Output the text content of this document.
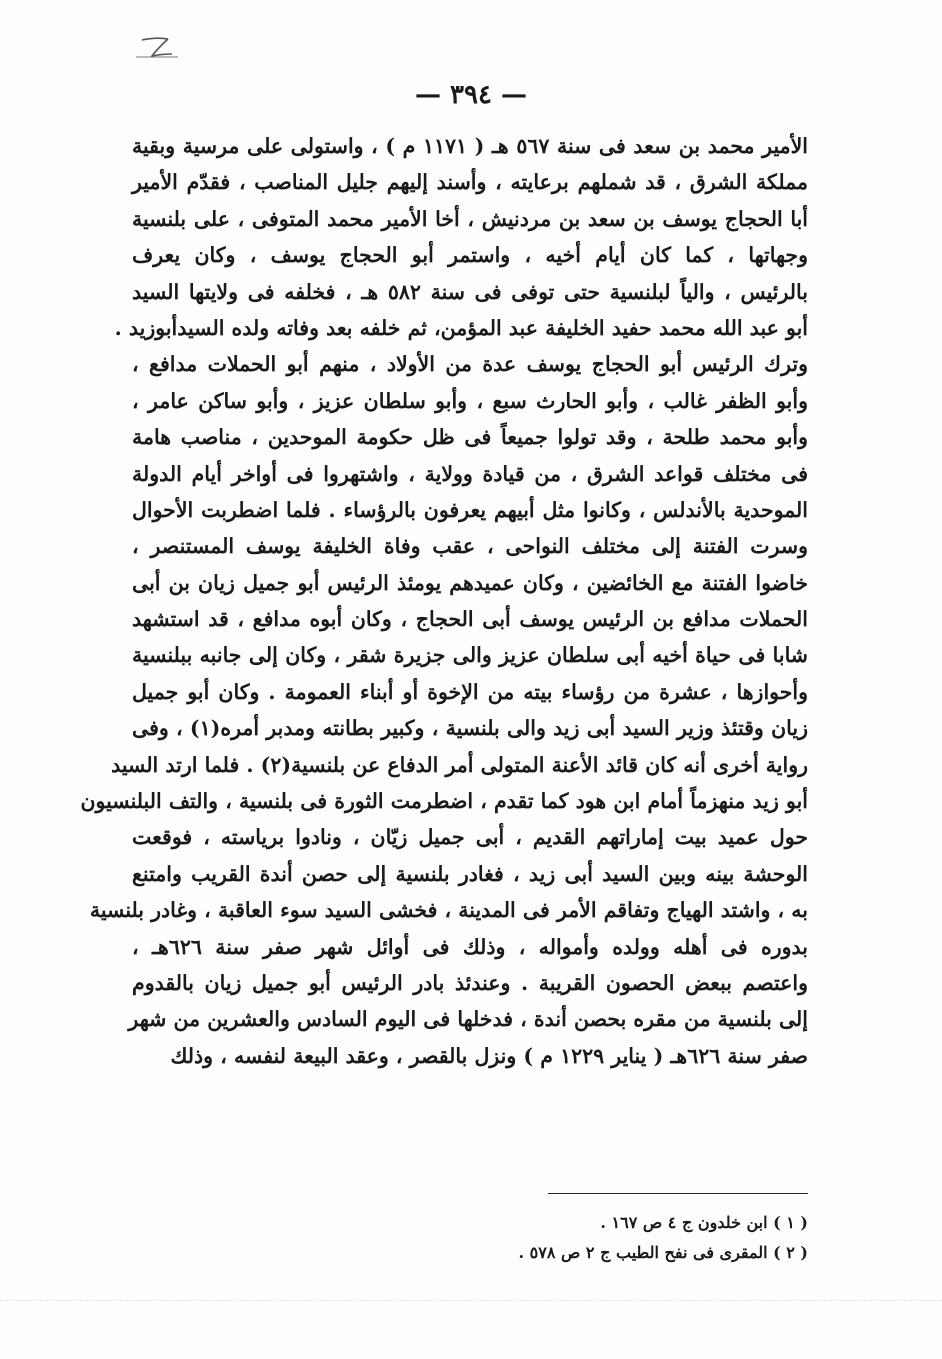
— ٣٩٤ —
الأمير محمد بن سعد فى سنة ٥٦٧ هـ ( ١١٧١ م ) ، واستولى على مرسية وبقية
مملكة الشرق ، قد شملهم برعايته ، وأسند إليهم جليل المناصب ، فقدّم الأمير
أبا الحجاج يوسف بن سعد بن مردنيش ، أخا الأمير محمد المتوفى ، على بلنسية
وجهاتها ، كما كان أيام أخيه ، واستمر أبو الحجاج يوسف ، وكان يعرف
بالرئيس ، والياً لبلنسية حتى توفى فى سنة ٥٨٢ هـ ، فخلفه فى ولايتها السيد
أبو عبد الله محمد حفيد الخليفة عبد المؤمن، ثم خلفه بعد وفاته ولده السيدأبوزيد .
وترك الرئيس أبو الحجاج يوسف عدة من الأولاد ، منهم أبو الحملات مدافع ،
وأبو الظفر غالب ، وأبو الحارث سبع ، وأبو سلطان عزيز ، وأبو ساكن عامر ،
وأبو محمد طلحة ، وقد تولوا جميعاً فى ظل حكومة الموحدين ، مناصب هامة
فى مختلف قواعد الشرق ، من قيادة وولاية ، واشتهروا فى أواخر أيام الدولة
الموحدية بالأندلس ، وكانوا مثل أبيهم يعرفون بالرؤساء . فلما اضطربت الأحوال
وسرت الفتنة إلى مختلف النواحى ، عقب وفاة الخليفة يوسف المستنصر ،
خاضوا الفتنة مع الخائضين ، وكان عميدهم يومئذ الرئيس أبو جميل زيان بن أبى
الحملات مدافع بن الرئيس يوسف أبى الحجاج ، وكان أبوه مدافع ، قد استشهد
شابا فى حياة أخيه أبى سلطان عزيز والى جزيرة شقر ، وكان إلى جانبه ببلنسية
وأحوازها ، عشرة من رؤساء بيته من الإخوة أو أبناء العمومة . وكان أبو جميل
زيان وقتئذ وزير السيد أبى زيد والى بلنسية ، وكبير بطانته ومدبر أمره(١) ، وفى
رواية أخرى أنه كان قائد الأعنة المتولى أمر الدفاع عن بلنسية(٢) . فلما ارتد السيد
أبو زيد منهزماً أمام ابن هود كما تقدم ، اضطرمت الثورة فى بلنسية ، والتف البلنسيون
حول عميد بيت إماراتهم القديم ، أبى جميل زيّان ، ونادوا برياسته ، فوقعت
الوحشة بينه وبين السيد أبى زيد ، فغادر بلنسية إلى حصن أندة القريب وامتنع
به ، واشتد الهياج وتفاقم الأمر فى المدينة ، فخشى السيد سوء العاقبة ، وغادر بلنسية
بدوره فى أهله وولده وأمواله ، وذلك فى أوائل شهر صفر سنة ٦٢٦هـ ،
واعتصم ببعض الحصون القريبة . وعندئذ بادر الرئيس أبو جميل زيان بالقدوم
إلى بلنسية من مقره بحصن أندة ، فدخلها فى اليوم السادس والعشرين من شهر
صفر سنة ٦٢٦هـ ( يناير ١٢٢٩ م ) ونزل بالقصر ، وعقد البيعة لنفسه ، وذلك
( ١ ) ابن خلدون ج ٤ ص ١٦٧ .
( ٢ ) المقرى فى نفح الطيب ج ٢ ص ٥٧٨ .
